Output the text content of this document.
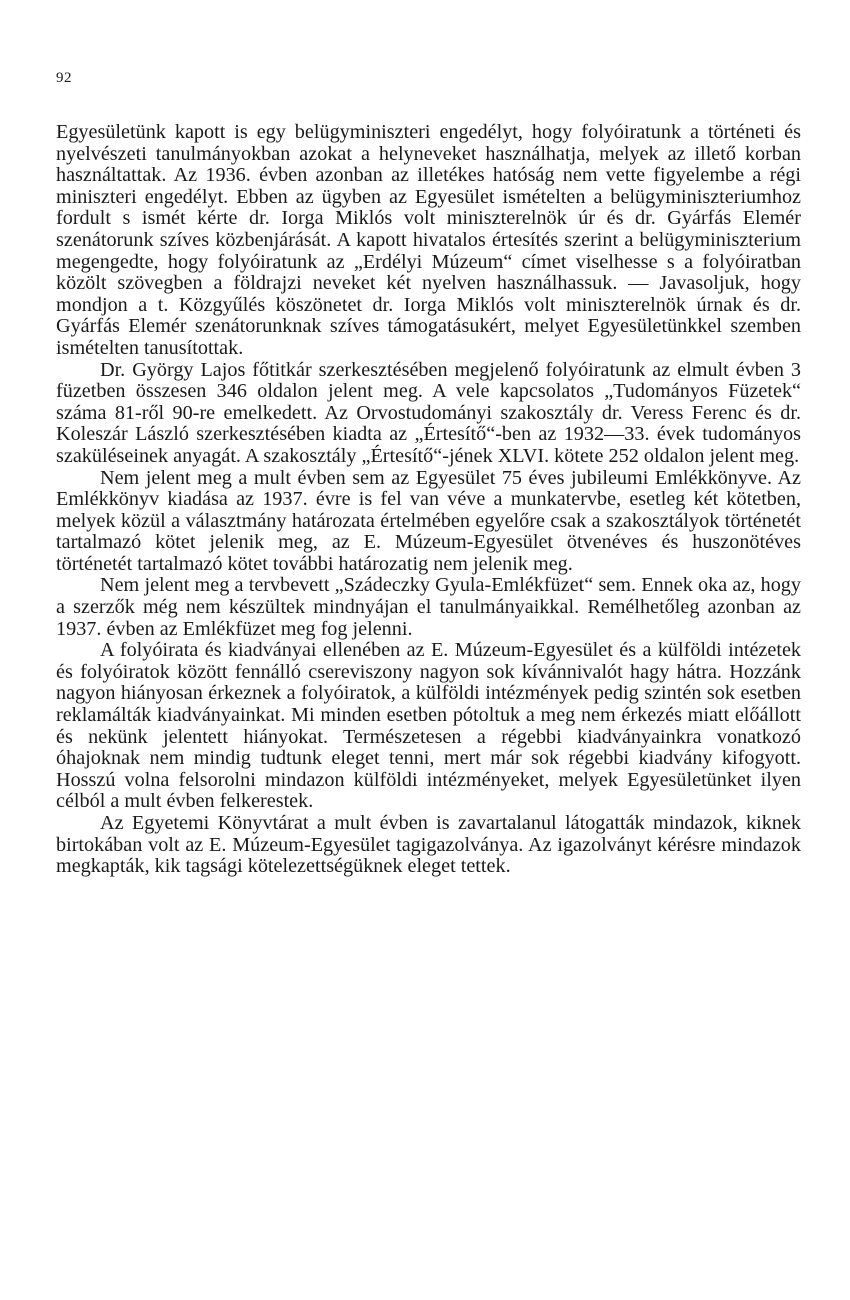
92

Egyesületünk kapott is egy belügyminiszteri engedélyt, hogy folyóiratunk a történeti és nyelvészeti tanulmányokban azokat a helyneveket használhatja, melyek az illető korban használtattak. Az 1936. évben azonban az illetékes hatóság nem vette figyelembe a régi miniszteri engedélyt. Ebben az ügyben az Egyesület ismételten a belügyminiszteriumhoz fordult s ismét kérte dr. Iorga Miklós volt miniszterelnök úr és dr. Gyárfás Elemér szenátorunk szíves közbenjárását. A kapott hivatalos értesítés szerint a belügyminiszterium megengedte, hogy folyóiratunk az „Erdélyi Múzeum“ címet viselhesse s a folyóiratban közölt szövegben a földrajzi neveket két nyelven használhassuk. — Javasoljuk, hogy mondjon a t. Közgyűlés köszönetet dr. Iorga Miklós volt miniszterelnök úrnak és dr. Gyárfás Elemér szenátorunknak szíves támogatásukért, melyet Egyesületünkkel szemben ismételten tanusítottak.

Dr. György Lajos főtitkár szerkesztésében megjelenő folyóiratunk az elmult évben 3 füzetben összesen 346 oldalon jelent meg. A vele kapcsolatos „Tudományos Füzetek“ száma 81-ről 90-re emelkedett. Az Orvostudományi szakosztály dr. Veress Ferenc és dr. Koleszár László szerkesztésében kiadta az „Értesítő“-ben az 1932—33. évek tudományos szaküléseinek anyagát. A szakosztály „Értesítő“-jének XLVI. kötete 252 oldalon jelent meg.

Nem jelent meg a mult évben sem az Egyesület 75 éves jubileumi Emlékkönyve. Az Emlékkönyv kiadása az 1937. évre is fel van véve a munkatervbe, esetleg két kötetben, melyek közül a választmány határozata értelmében egyelőre csak a szakosztályok történetét tartalmazó kötet jelenik meg, az E. Múzeum-Egyesület ötvenéves és huszonötéves történetét tartalmazó kötet további határozatig nem jelenik meg.

Nem jelent meg a tervbevett „Szádeczky Gyula-Emlékfüzet“ sem. Ennek oka az, hogy a szerzők még nem készültek mindnyájan el tanulmányaikkal. Remélhetőleg azonban az 1937. évben az Emlékfüzet meg fog jelenni.

A folyóirata és kiadványai ellenében az E. Múzeum-Egyesület és a külföldi intézetek és folyóiratok között fennálló csereviszony nagyon sok kívánnivalót hagy hátra. Hozzánk nagyon hiányosan érkeznek a folyóiratok, a külföldi intézmények pedig szintén sok esetben reklamálták kiadványainkat. Mi minden esetben pótoltuk a meg nem érkezés miatt előállott és nekünk jelentett hiányokat. Természetesen a régebbi kiadványainkra vonatkozó óhajoknak nem mindig tudtunk eleget tenni, mert már sok régebbi kiadvány kifogyott. Hosszú volna felsorolni mindazon külföldi intézményeket, melyek Egyesületünket ilyen célból a mult évben felkerestek.

Az Egyetemi Könyvtárat a mult évben is zavartalanul látogatták mindazok, kiknek birtokában volt az E. Múzeum-Egyesület tagigazolványa. Az igazolványt kérésre mindazok megkapták, kik tagsági kötelezettségüknek eleget tettek.
